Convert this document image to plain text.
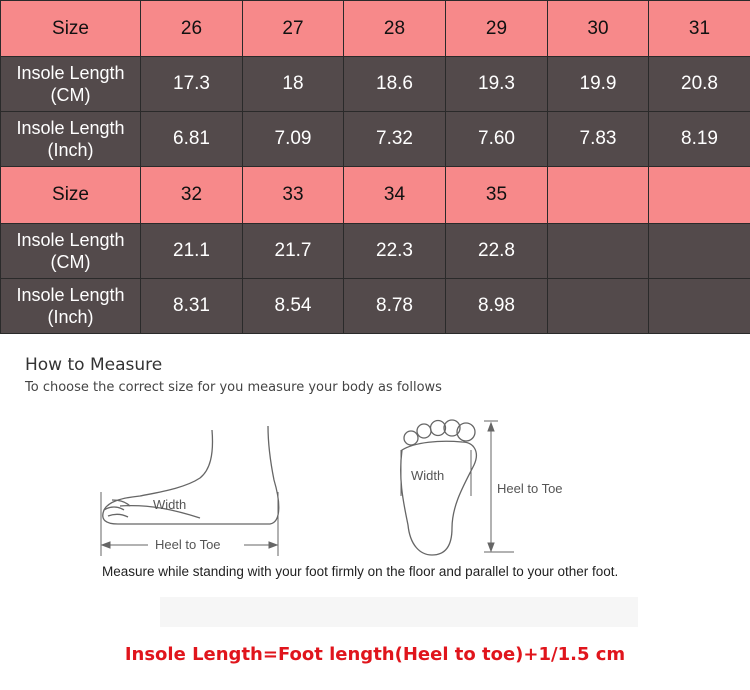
Size	26	27	28	29	30	31
Insole Length
(CM)	17.3	18	18.6	19.3	19.9	20.8
Insole Length
(Inch)	6.81	7.09	7.32	7.60	7.83	8.19
Size	32	33	34	35		
Insole Length
(CM)	21.1	21.7	22.3	22.8		
Insole Length
(Inch)	8.31	8.54	8.78	8.98		
How to Measure
To choose the correct size for you measure your body as follows
Width
Heel to Toe
Width
Heel to Toe
Measure while standing with your foot firmly on the floor and parallel to your other foot.
Insole Length=Foot length(Heel to toe)+1/1.5 cm
